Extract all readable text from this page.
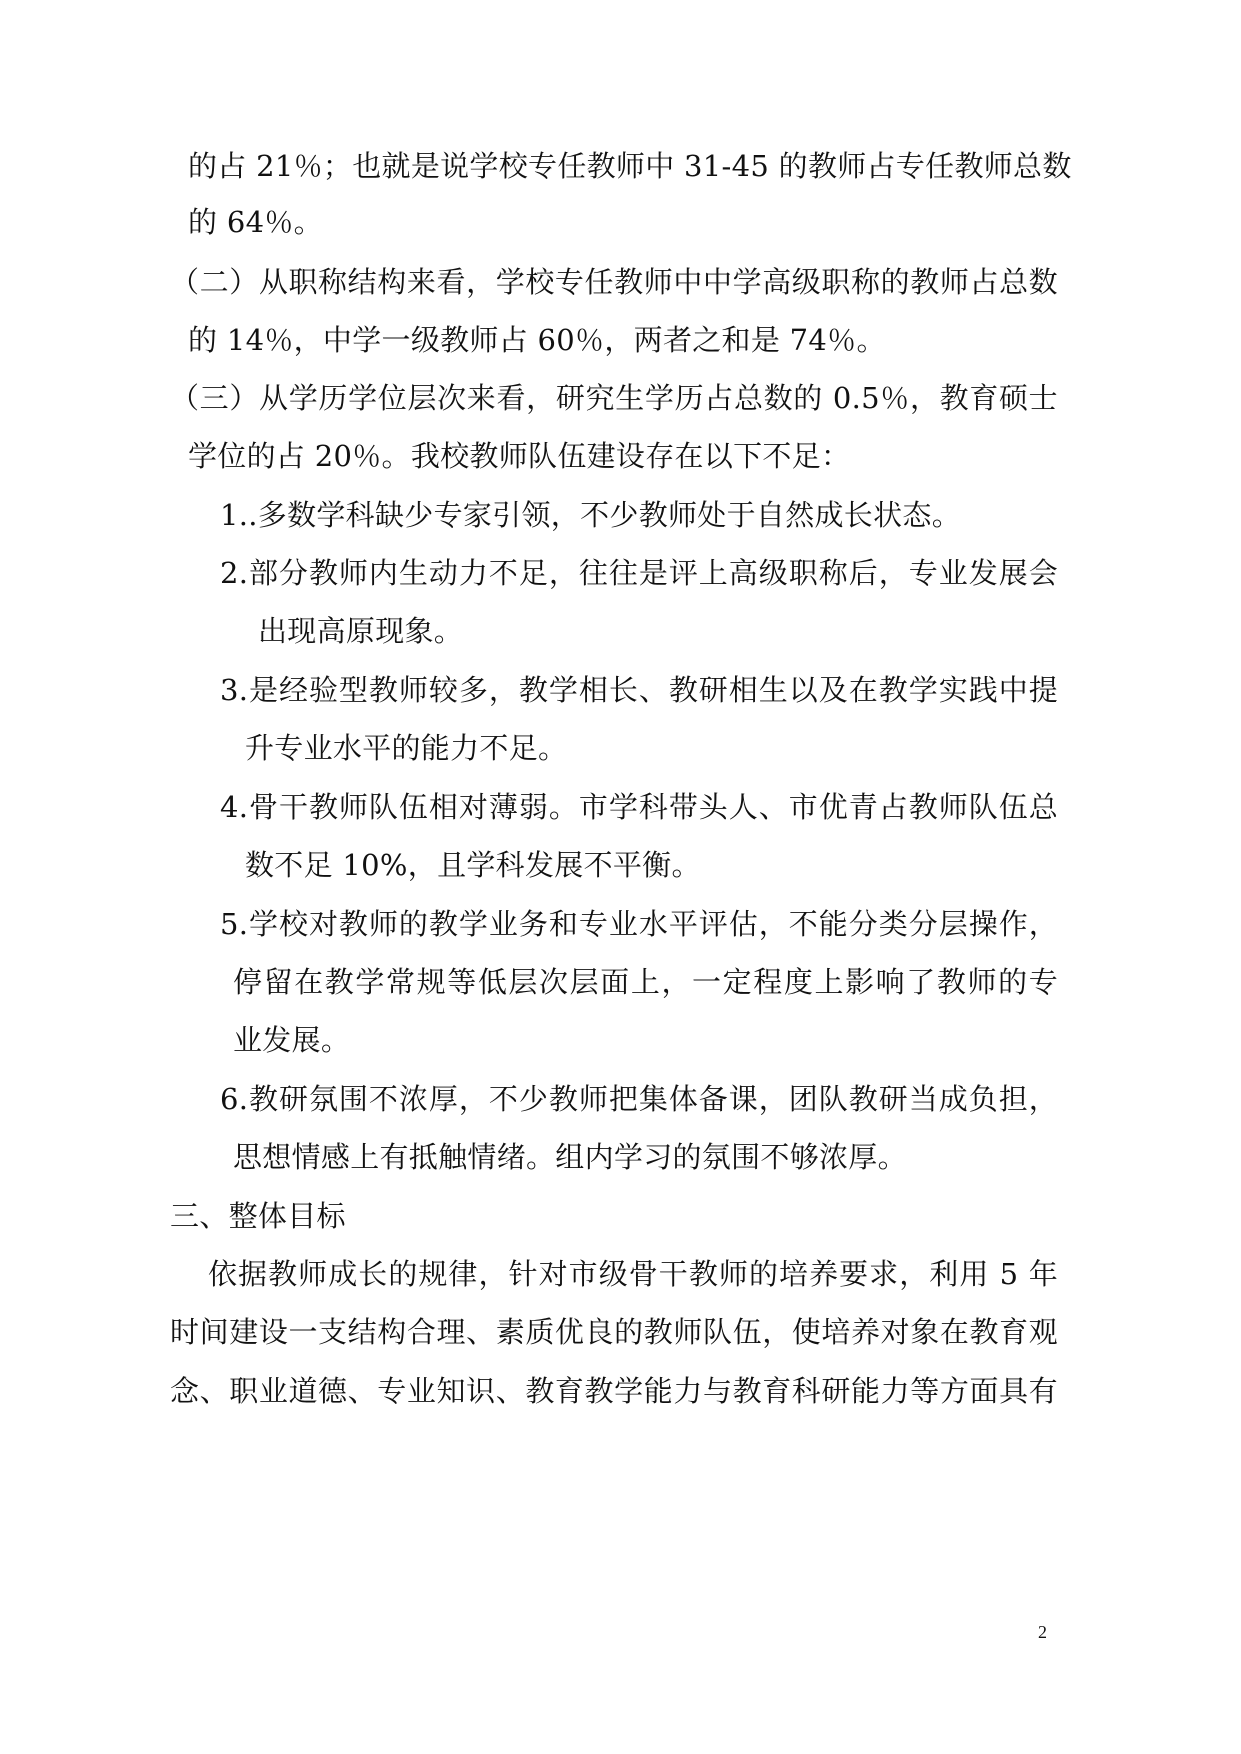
的占 21％；也就是说学校专任教师中 31-45 的教师占专任教师总数
的 64％。
（二）从职称结构来看，学校专任教师中中学高级职称的教师占总数
的 14％，中学一级教师占 60％，两者之和是 74％。
（三）从学历学位层次来看，研究生学历占总数的 0.5％，教育硕士
学位的占 20％。我校教师队伍建设存在以下不足：
1..多数学科缺少专家引领，不少教师处于自然成长状态。
2.部分教师内生动力不足，往往是评上高级职称后，专业发展会
出现高原现象。
3.是经验型教师较多，教学相长、教研相生以及在教学实践中提
升专业水平的能力不足。
4.骨干教师队伍相对薄弱。市学科带头人、市优青占教师队伍总
数不足 10%，且学科发展不平衡。
5.学校对教师的教学业务和专业水平评估，不能分类分层操作，
停留在教学常规等低层次层面上，一定程度上影响了教师的专
业发展。
6.教研氛围不浓厚，不少教师把集体备课，团队教研当成负担，
思想情感上有抵触情绪。组内学习的氛围不够浓厚。
三、整体目标
依据教师成长的规律，针对市级骨干教师的培养要求，利用 5 年
时间建设一支结构合理、素质优良的教师队伍，使培养对象在教育观
念、职业道德、专业知识、教育教学能力与教育科研能力等方面具有
2
